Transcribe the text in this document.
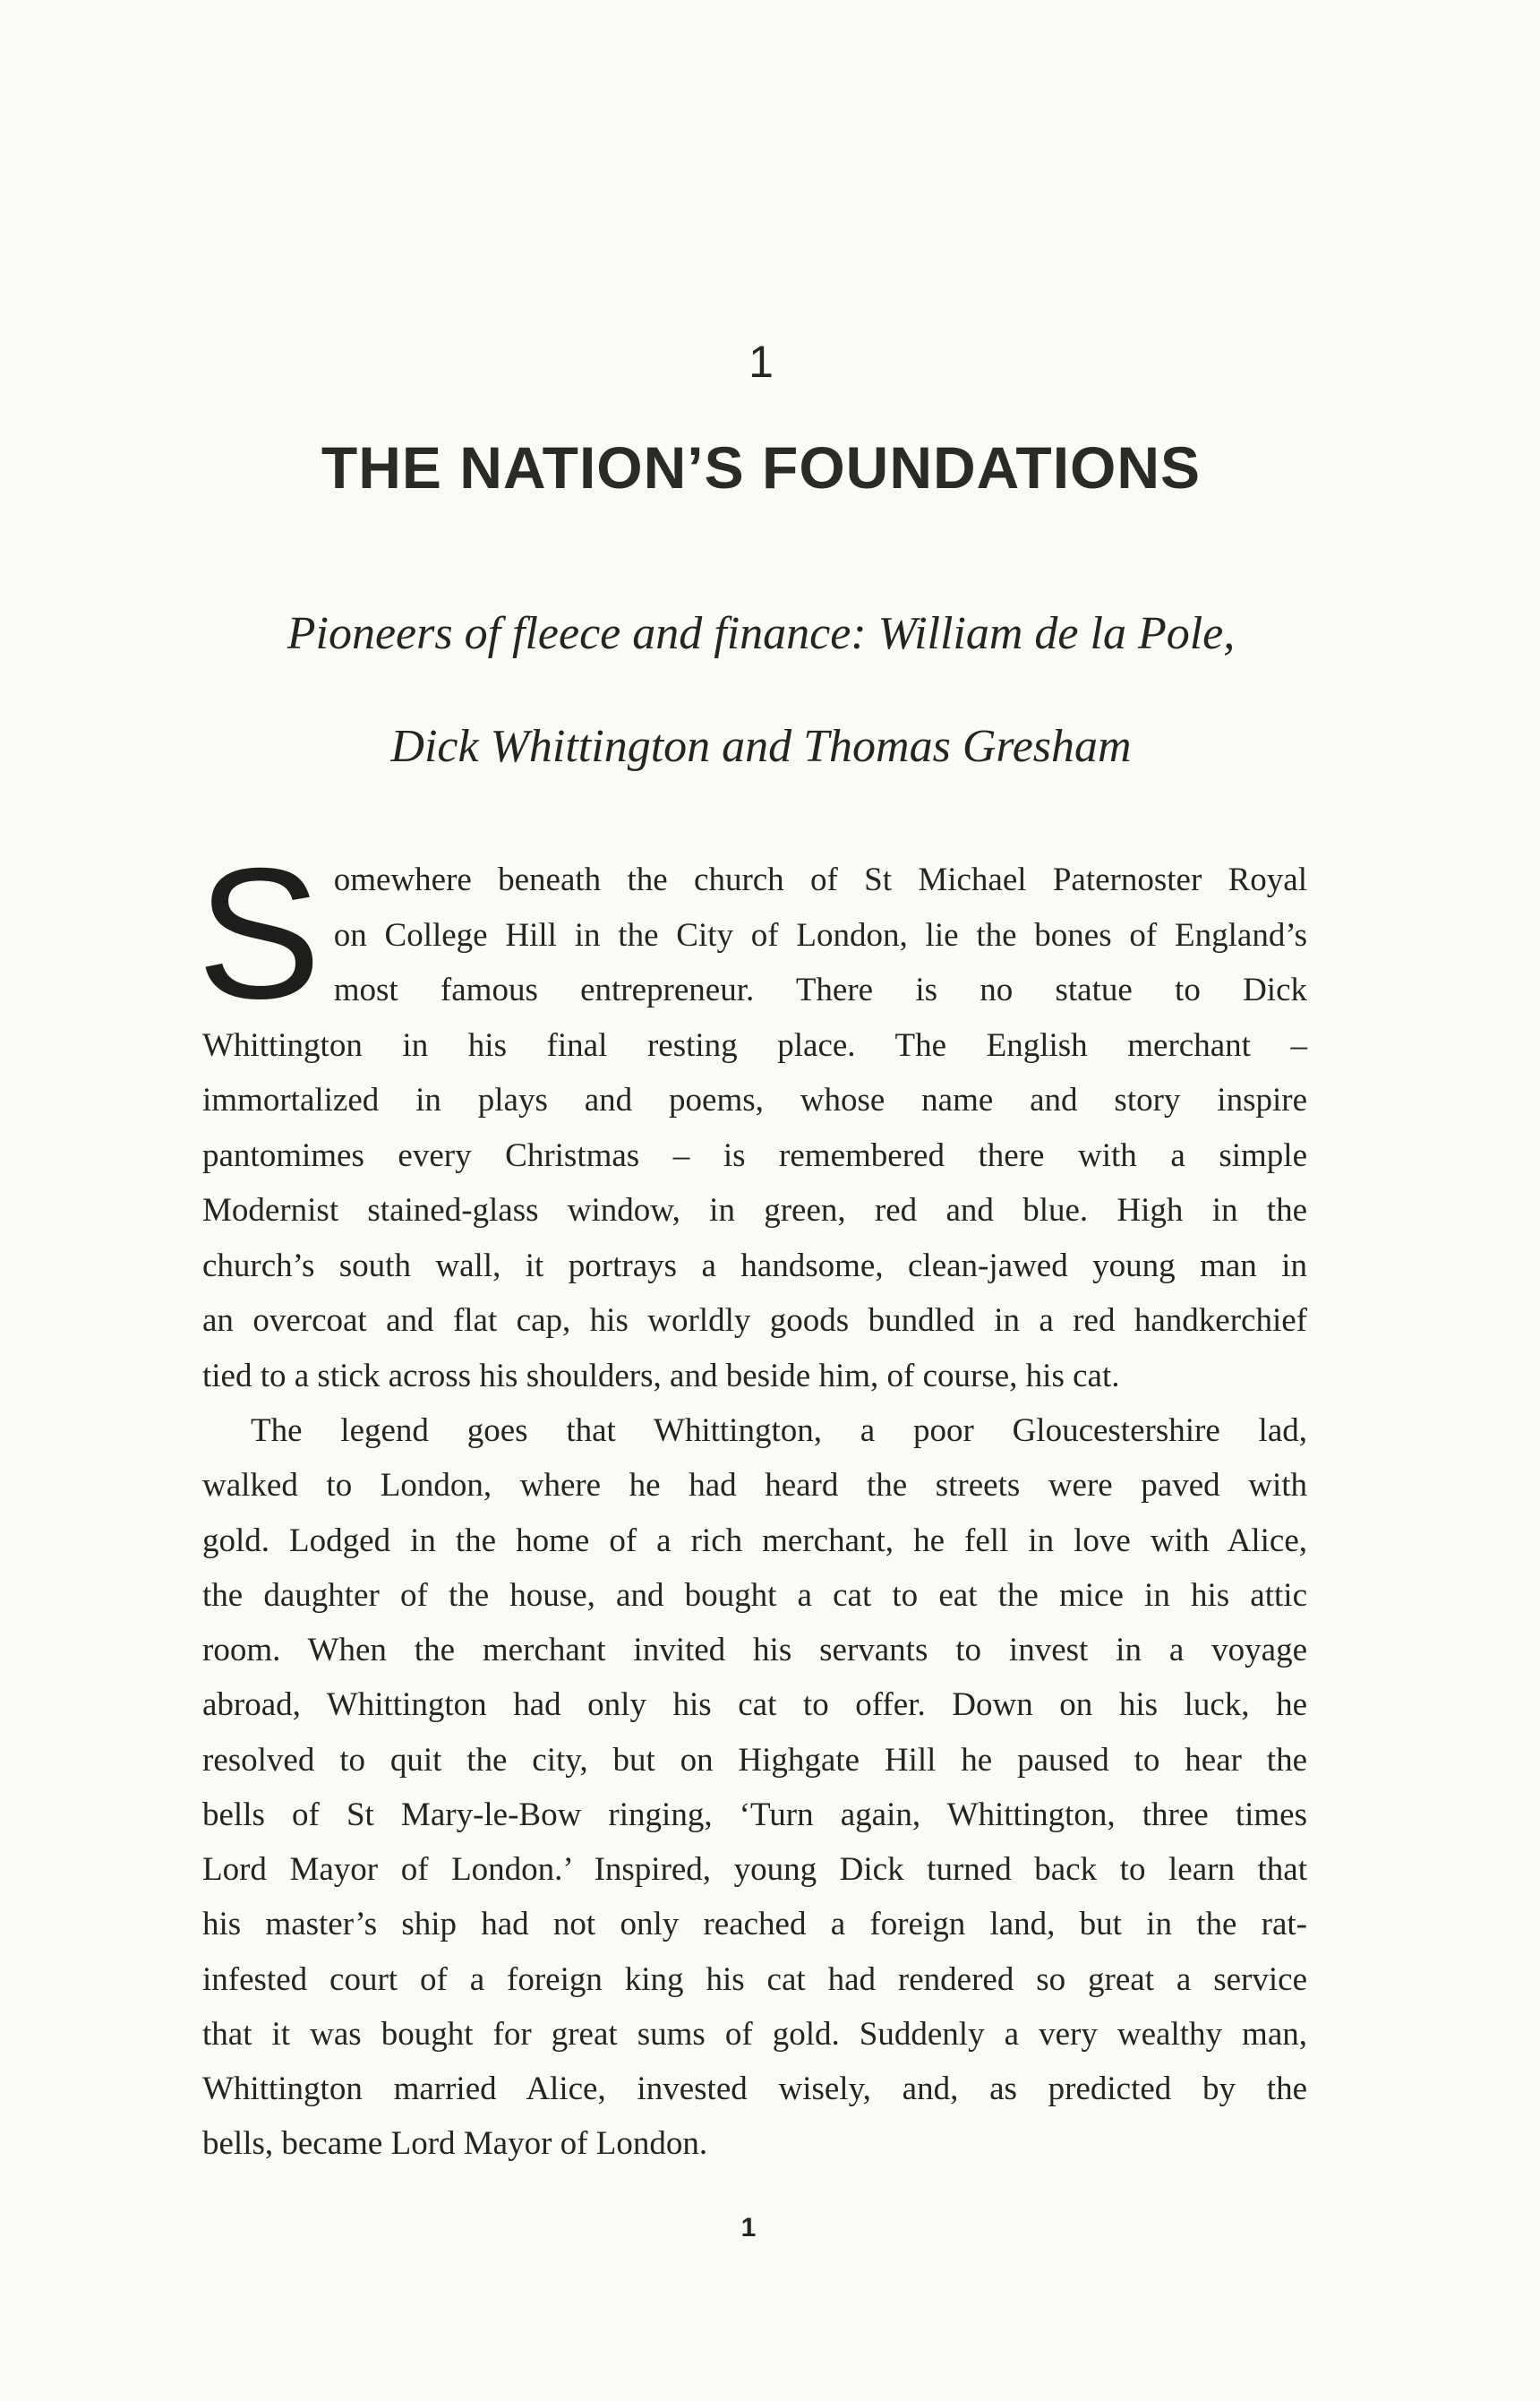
1
THE NATION’S FOUNDATIONS
Pioneers of fleece and finance: William de la Pole,
Dick Whittington and Thomas Gresham

S omewhere beneath the church of St Michael Paternoster Royal
on College Hill in the City of London, lie the bones of England’s
most famous entrepreneur. There is no statue to Dick
Whittington in his final resting place. The English merchant –
immortalized in plays and poems, whose name and story inspire
pantomimes every Christmas – is remembered there with a simple
Modernist stained-glass window, in green, red and blue. High in the
church’s south wall, it portrays a handsome, clean-jawed young man in
an overcoat and flat cap, his worldly goods bundled in a red handkerchief
tied to a stick across his shoulders, and beside him, of course, his cat.

The legend goes that Whittington, a poor Gloucestershire lad,
walked to London, where he had heard the streets were paved with
gold. Lodged in the home of a rich merchant, he fell in love with Alice,
the daughter of the house, and bought a cat to eat the mice in his attic
room. When the merchant invited his servants to invest in a voyage
abroad, Whittington had only his cat to offer. Down on his luck, he
resolved to quit the city, but on Highgate Hill he paused to hear the
bells of St Mary-le-Bow ringing, ‘Turn again, Whittington, three times
Lord Mayor of London.’ Inspired, young Dick turned back to learn that
his master’s ship had not only reached a foreign land, but in the rat-
infested court of a foreign king his cat had rendered so great a service
that it was bought for great sums of gold. Suddenly a very wealthy man,
Whittington married Alice, invested wisely, and, as predicted by the
bells, became Lord Mayor of London.

1
